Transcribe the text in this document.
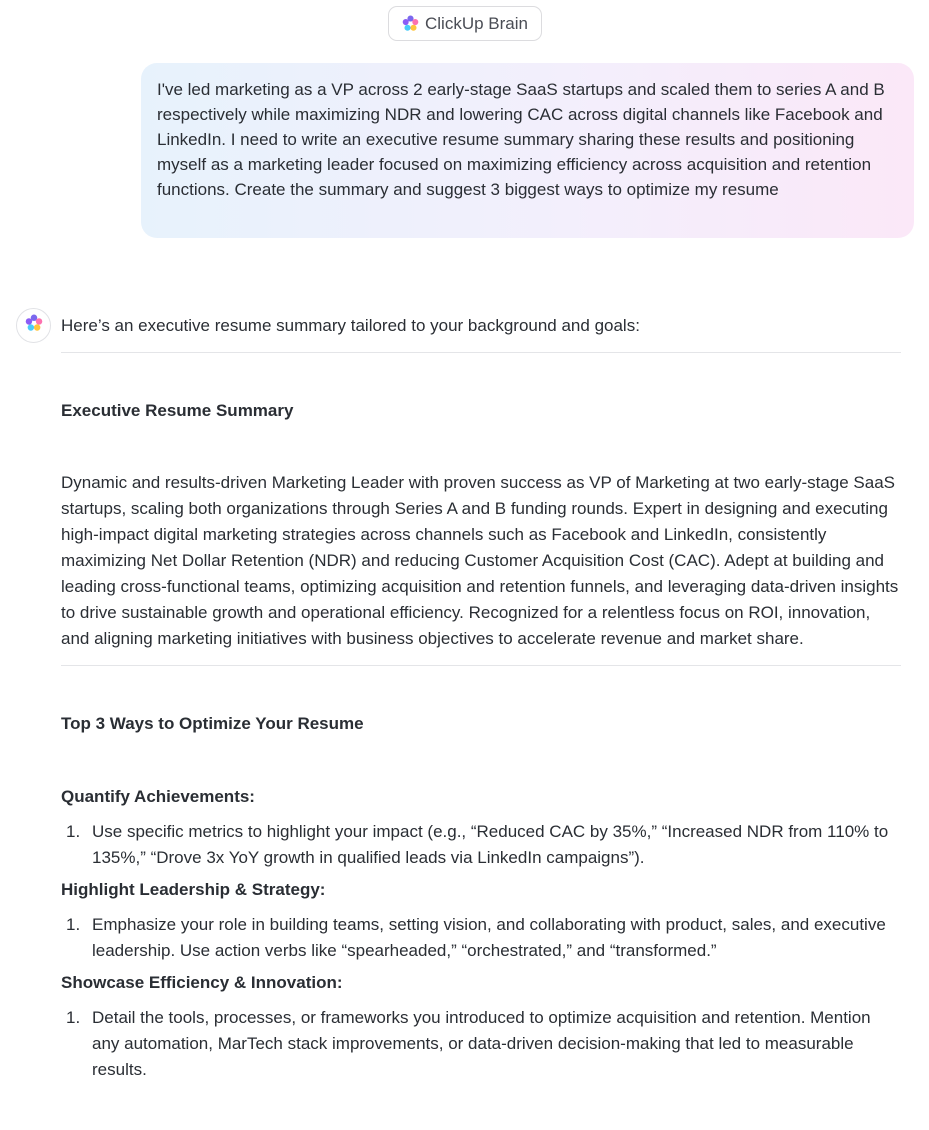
ClickUp Brain
I've led marketing as a VP across 2 early-stage SaaS startups and scaled them to series A and B respectively while maximizing NDR and lowering CAC across digital channels like Facebook and LinkedIn. I need to write an executive resume summary sharing these results and positioning myself as a marketing leader focused on maximizing efficiency across acquisition and retention functions. Create the summary and suggest 3 biggest ways to optimize my resume

Here’s an executive resume summary tailored to your background and goals:

Executive Resume Summary

Dynamic and results-driven Marketing Leader with proven success as VP of Marketing at two early-stage SaaS startups, scaling both organizations through Series A and B funding rounds. Expert in designing and executing high-impact digital marketing strategies across channels such as Facebook and LinkedIn, consistently maximizing Net Dollar Retention (NDR) and reducing Customer Acquisition Cost (CAC). Adept at building and leading cross-functional teams, optimizing acquisition and retention funnels, and leveraging data-driven insights to drive sustainable growth and operational efficiency. Recognized for a relentless focus on ROI, innovation, and aligning marketing initiatives with business objectives to accelerate revenue and market share.

Top 3 Ways to Optimize Your Resume

Quantify Achievements:

1. Use specific metrics to highlight your impact (e.g., “Reduced CAC by 35%,” “Increased NDR from 110% to 135%,” “Drove 3x YoY growth in qualified leads via LinkedIn campaigns”).

Highlight Leadership & Strategy:

1. Emphasize your role in building teams, setting vision, and collaborating with product, sales, and executive leadership. Use action verbs like “spearheaded,” “orchestrated,” and “transformed.”

Showcase Efficiency & Innovation:

1. Detail the tools, processes, or frameworks you introduced to optimize acquisition and retention. Mention any automation, MarTech stack improvements, or data-driven decision-making that led to measurable results.
